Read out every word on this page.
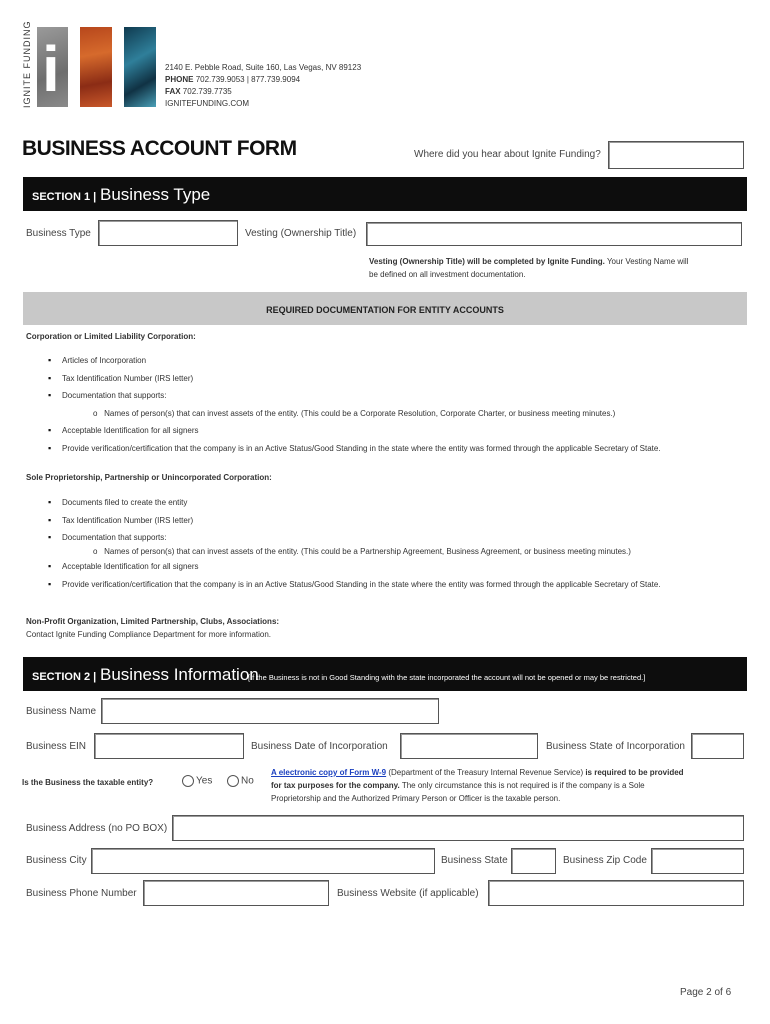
IGNITE FUNDING i	2140 E. Pebble Road, Suite 160, Las Vegas, NV 89123
PHONE 702.739.9053 | 877.739.9094
FAX 702.739.7735
IGNITEFUNDING.COM
BUSINESS ACCOUNT FORM	Where did you hear about Ignite Funding?
SECTION 1 | Business Type
Business Type	Vesting (Ownership Title)
Vesting (Ownership Title) will be completed by Ignite Funding. Your Vesting Name will
be defined on all investment documentation.
REQUIRED DOCUMENTATION FOR ENTITY ACCOUNTS
Corporation or Limited Liability Corporation:
▪ Articles of Incorporation
▪ Tax Identification Number (IRS letter)
▪ Documentation that supports:
o Names of person(s) that can invest assets of the entity. (This could be a Corporate Resolution, Corporate Charter, or business meeting minutes.)
▪ Acceptable Identification for all signers
▪ Provide verification/certification that the company is in an Active Status/Good Standing in the state where the entity was formed through the applicable Secretary of State.
Sole Proprietorship, Partnership or Unincorporated Corporation:
▪ Documents filed to create the entity
▪ Tax Identification Number (IRS letter)
▪ Documentation that supports:
o Names of person(s) that can invest assets of the entity. (This could be a Partnership Agreement, Business Agreement, or business meeting minutes.)
▪ Acceptable Identification for all signers
▪ Provide verification/certification that the company is in an Active Status/Good Standing in the state where the entity was formed through the applicable Secretary of State.
Non-Profit Organization, Limited Partnership, Clubs, Associations:
Contact Ignite Funding Compliance Department for more information.
SECTION 2 | Business Information
[If the Business is not in Good Standing with the state incorporated the account will not be opened or may be restricted.]
Business Name
Business EIN	Business Date of Incorporation	Business State of Incorporation
Is the Business the taxable entity?	Yes	No
A electronic copy of Form W-9 (Department of the Treasury Internal Revenue Service) is required to be provided
for tax purposes for the company. The only circumstance this is not required is if the company is a Sole
Proprietorship and the Authorized Primary Person or Officer is the taxable person.
Business Address (no PO BOX)
Business City	Business State	Business Zip Code
Business Phone Number	Business Website (if applicable)
Page 2 of 6
